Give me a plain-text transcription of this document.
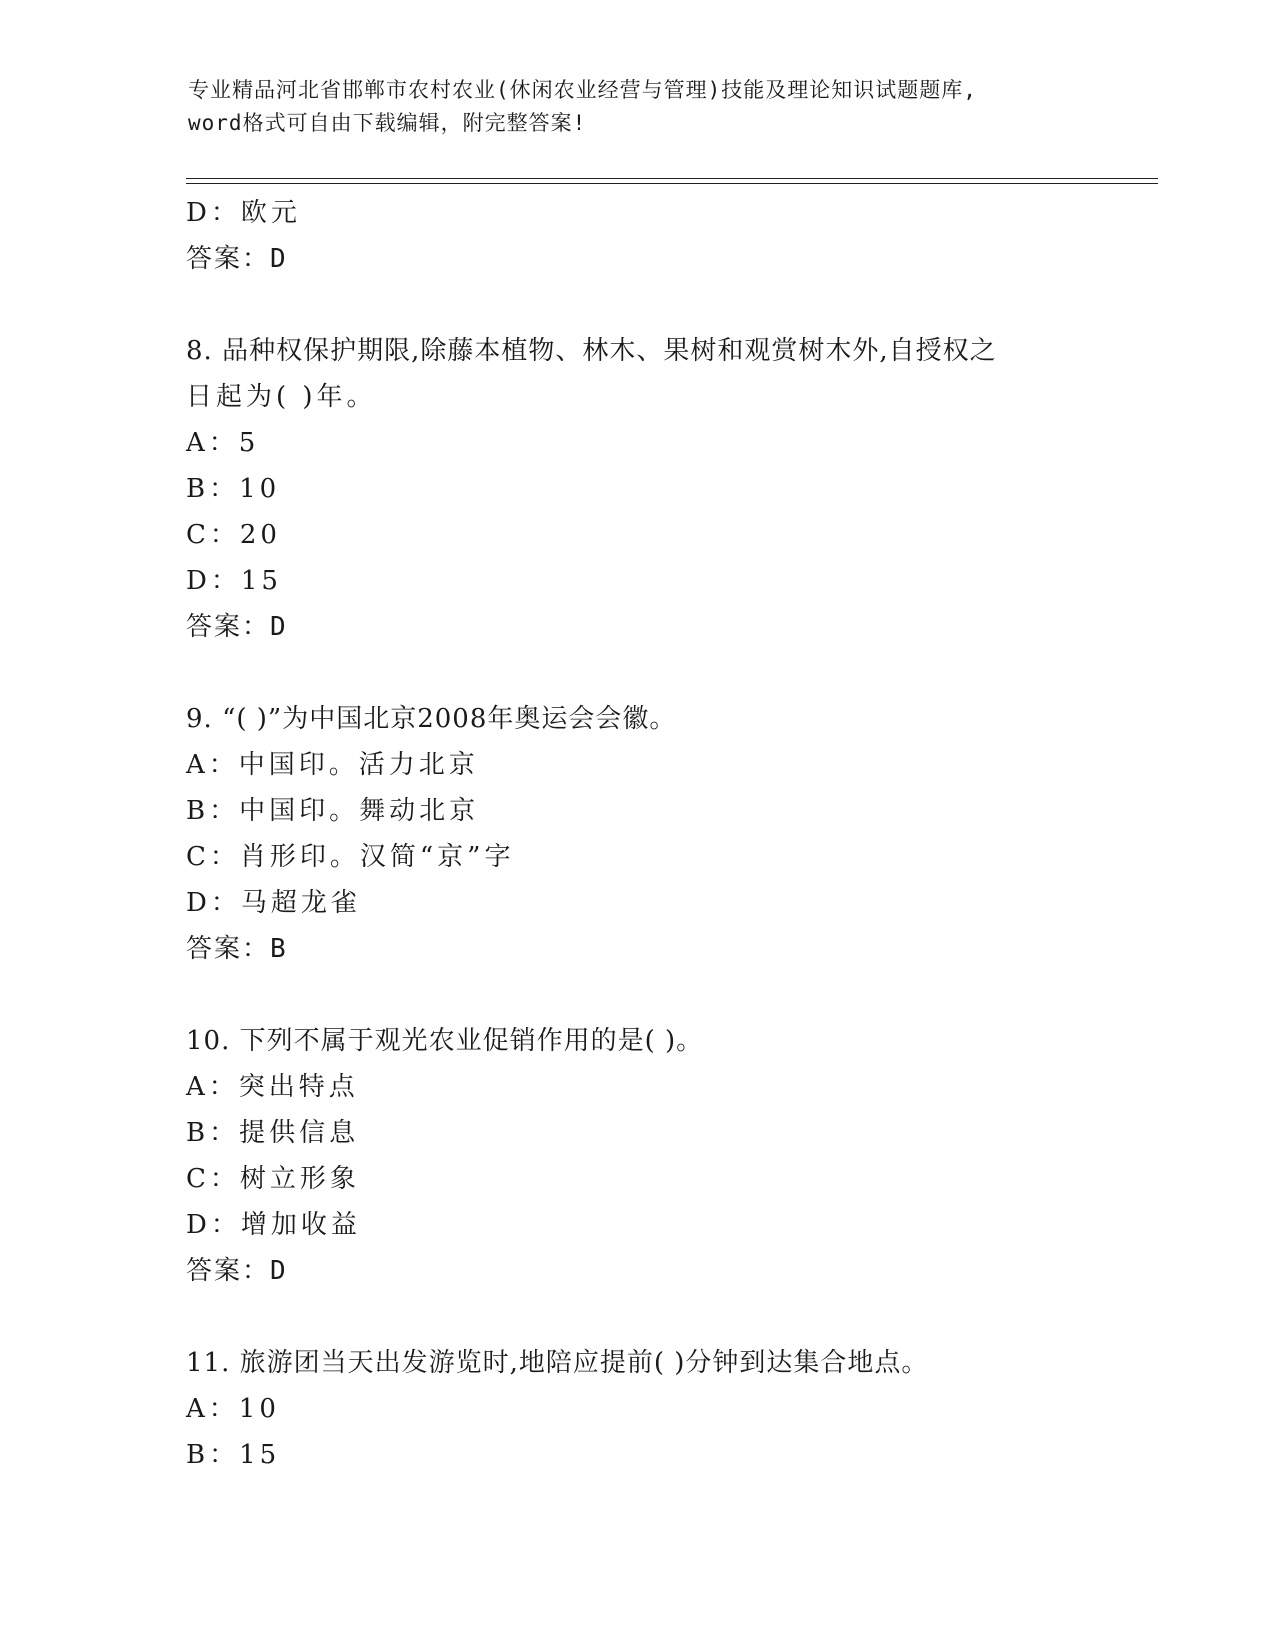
专业精品河北省邯郸市农村农业(休闲农业经营与管理)技能及理论知识试题题库,
word格式可自由下载编辑，附完整答案!
D：欧元
答案：D
8. 品种权保护期限,除藤本植物、林木、果树和观赏树木外,自授权之
日起为( )年。
A：5
B：10
C：20
D：15
答案：D
9. “( )”为中国北京2008年奥运会会徽。
A：中国印。活力北京
B：中国印。舞动北京
C：肖形印。汉简“京”字
D：马超龙雀
答案：B
10. 下列不属于观光农业促销作用的是( )。
A：突出特点
B：提供信息
C：树立形象
D：增加收益
答案：D
11. 旅游团当天出发游览时,地陪应提前( )分钟到达集合地点。
A：10
B：15
